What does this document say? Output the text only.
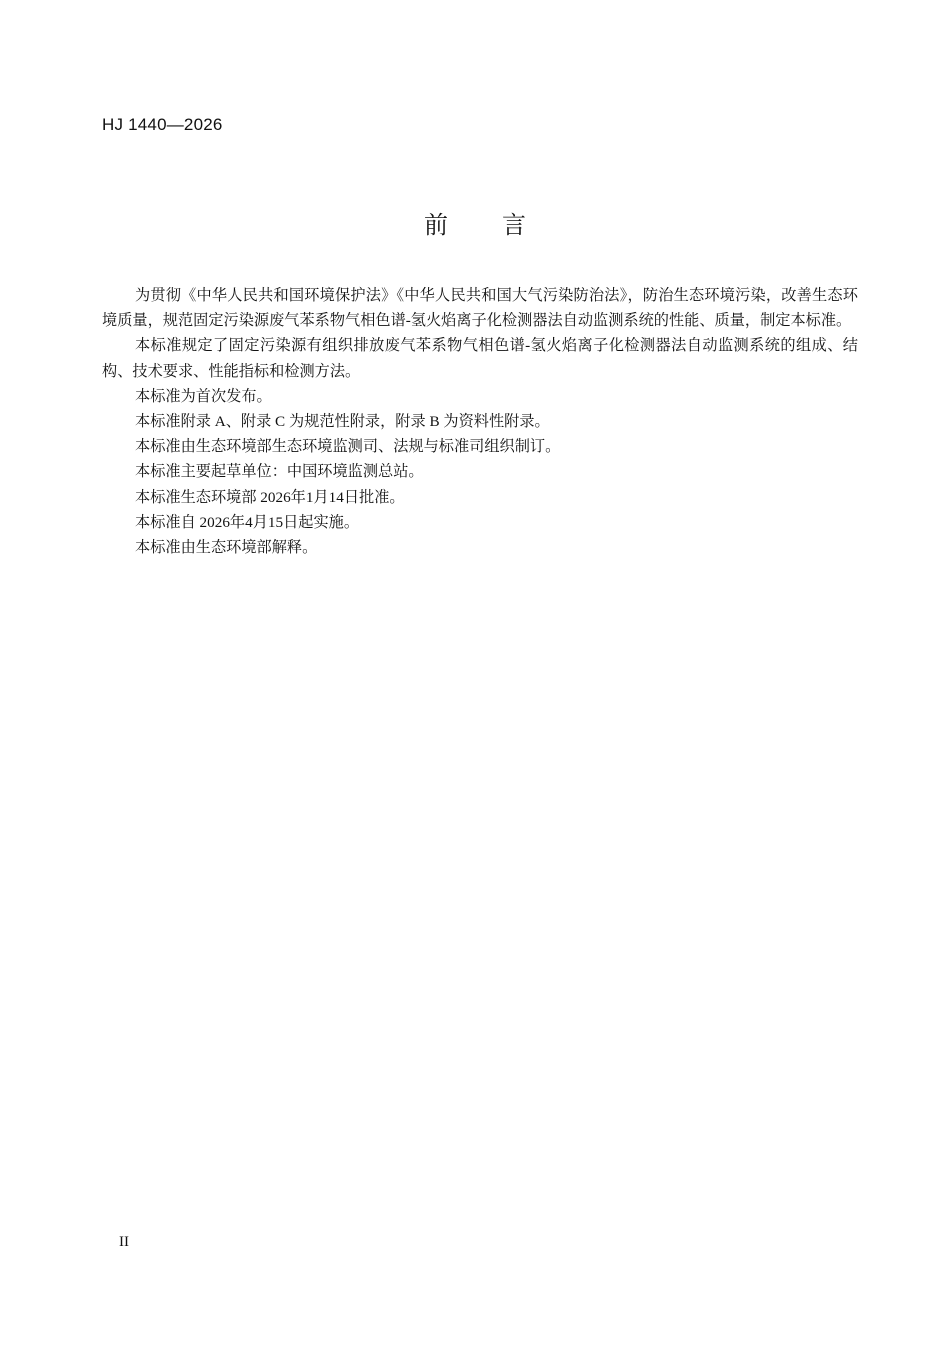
HJ 1440—2026
前 言

为贯彻《中华人民共和国环境保护法》《中华人民共和国大气污染防治法》，防治生态环境污染，改善生态环境质量，规范固定污染源废气苯系物气相色谱-氢火焰离子化检测器法自动监测系统的性能、质量，制定本标准。

本标准规定了固定污染源有组织排放废气苯系物气相色谱-氢火焰离子化检测器法自动监测系统的组成、结构、技术要求、性能指标和检测方法。

本标准为首次发布。

本标准附录 A、附录 C 为规范性附录，附录 B 为资料性附录。

本标准由生态环境部生态环境监测司、法规与标准司组织制订。

本标准主要起草单位：中国环境监测总站。

本标准生态环境部 2026年1月14日批准。

本标准自 2026年4月15日起实施。

本标准由生态环境部解释。

II
